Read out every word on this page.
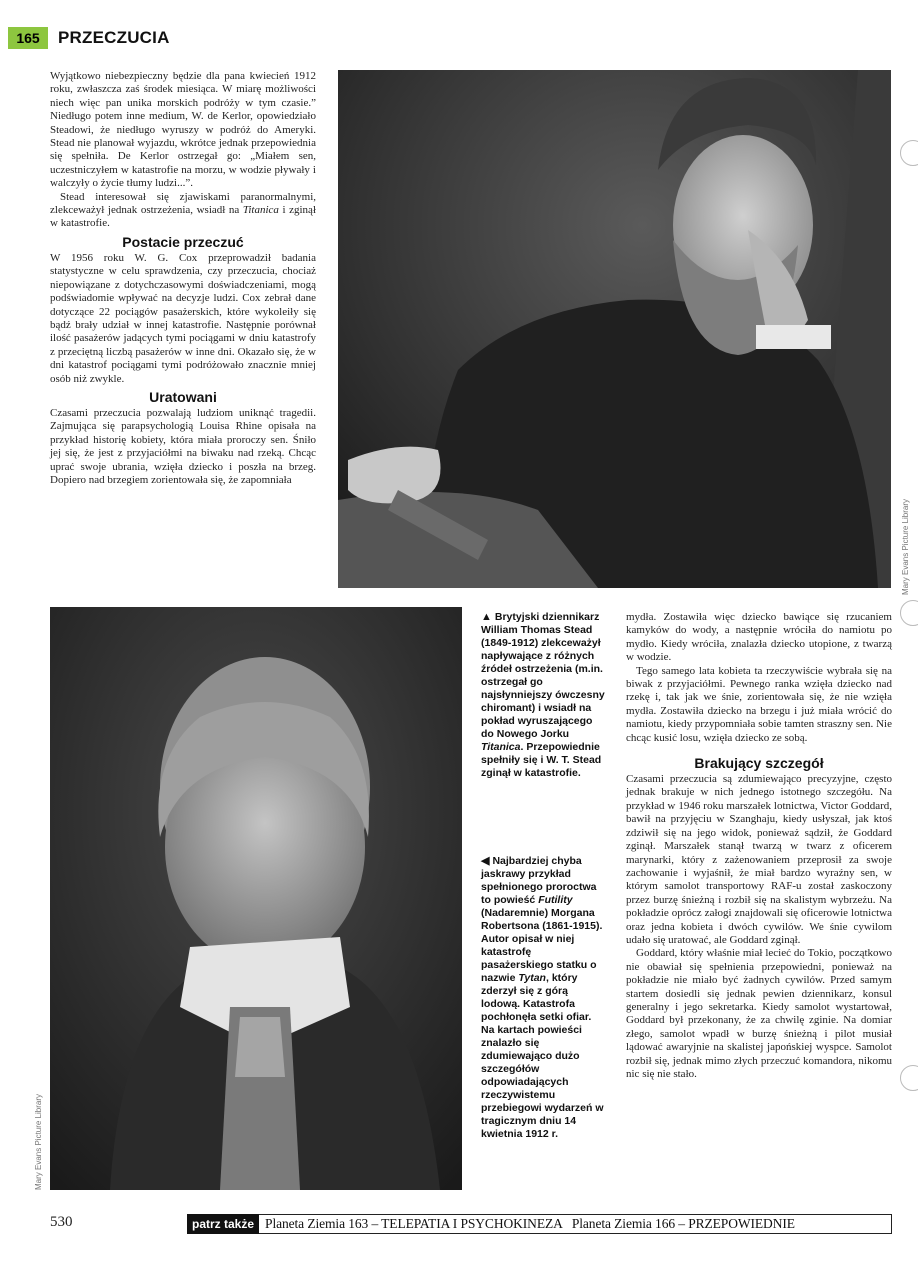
165	PRZECZUCIA

Wyjątkowo niebezpieczny będzie dla pana kwiecień 1912 roku, zwłaszcza zaś środek miesiąca. W miarę możliwości niech więc pan unika morskich podróży w tym czasie.” Niedługo potem inne medium, W. de Kerlor, opowiedziało Steadowi, że niedługo wyruszy w podróż do Ameryki. Stead nie planował wyjazdu, wkrótce jednak przepowiednia się spełniła. De Kerlor ostrzegał go: „Miałem sen, uczestniczyłem w katastrofie na morzu, w wodzie pływały i walczyły o życie tłumy ludzi...”.

Stead interesował się zjawiskami paranormalnymi, zlekceważył jednak ostrzeżenia, wsiadł na Titanica i zginął w katastrofie.

Postacie przeczuć

W 1956 roku W. G. Cox przeprowadził badania statystyczne w celu sprawdzenia, czy przeczucia, chociaż niepowiązane z dotychczasowymi doświadczeniami, mogą podświadomie wpływać na decyzje ludzi. Cox zebrał dane dotyczące 22 pociągów pasażerskich, które wykoleiły się bądź brały udział w innej katastrofie. Następnie porównał ilość pasażerów jadących tymi pociągami w dniu katastrofy z przeciętną liczbą pasażerów w inne dni. Okazało się, że w dni katastrof pociągami tymi podróżowało znacznie mniej osób niż zwykle.

Uratowani

Czasami przeczucia pozwalają ludziom uniknąć tragedii. Zajmująca się parapsychologią Louisa Rhine opisała na przykład historię kobiety, która miała proroczy sen. Śniło jej się, że jest z przyjaciółmi na biwaku nad rzeką. Chcąc uprać swoje ubrania, wzięła dziecko i poszła na brzeg. Dopiero nad brzegiem zorientowała się, że zapomniała

Mary Evans Picture Library
Mary Evans Picture Library
▲ Brytyjski dziennikarz William Thomas Stead (1849-1912) zlekceważył napływające z różnych źródeł ostrzeżenia (m.in. ostrzegał go najsłynniejszy ówczesny chiromant) i wsiadł na pokład wyruszającego do Nowego Jorku Titanica. Przepowiednie spełniły się i W. T. Stead zginął w katastrofie.
◀ Najbardziej chyba jaskrawy przykład spełnionego proroctwa to powieść Futility (Nadaremnie) Morgana Robertsona (1861-1915). Autor opisał w niej katastrofę pasażerskiego statku o nazwie Tytan, który zderzył się z górą lodową. Katastrofa pochłonęła setki ofiar. Na kartach powieści znalazło się zdumiewająco dużo szczegółów odpowiadających rzeczywistemu przebiegowi wydarzeń w tragicznym dniu 14 kwietnia 1912 r.

mydła. Zostawiła więc dziecko bawiące się rzucaniem kamyków do wody, a następnie wróciła do namiotu po mydło. Kiedy wróciła, znalazła dziecko utopione, z twarzą w wodzie.

Tego samego lata kobieta ta rzeczywiście wybrała się na biwak z przyjaciółmi. Pewnego ranka wzięła dziecko nad rzekę i, tak jak we śnie, zorientowała się, że nie wzięła mydła. Zostawiła dziecko na brzegu i już miała wrócić do namiotu, kiedy przypomniała sobie tamten straszny sen. Nie chcąc kusić losu, wzięła dziecko ze sobą.

Brakujący szczegół

Czasami przeczucia są zdumiewająco precyzyjne, często jednak brakuje w nich jednego istotnego szczegółu. Na przykład w 1946 roku marszałek lotnictwa, Victor Goddard, bawił na przyjęciu w Szanghaju, kiedy usłyszał, jak ktoś zdziwił się na jego widok, ponieważ sądził, że Goddard zginął. Marszałek stanął twarzą w twarz z oficerem marynarki, który z zażenowaniem przeprosił za swoje zachowanie i wyjaśnił, że miał bardzo wyraźny sen, w którym samolot transportowy RAF-u został zaskoczony przez burzę śnieżną i rozbił się na skalistym wybrzeżu. Na pokładzie oprócz załogi znajdowali się oficerowie lotnictwa oraz jedna kobieta i dwóch cywilów. We śnie cywilom udało się uratować, ale Goddard zginął.

Goddard, który właśnie miał lecieć do Tokio, początkowo nie obawiał się spełnienia przepowiedni, ponieważ na pokładzie nie miało być żadnych cywilów. Przed samym startem dosiedli się jednak pewien dziennikarz, konsul generalny i jego sekretarka. Kiedy samolot wystartował, Goddard był przekonany, że za chwilę zginie. Na domiar złego, samolot wpadł w burzę śnieżną i pilot musiał lądować awaryjnie na skalistej japońskiej wyspce. Samolot rozbił się, jednak mimo złych przeczuć komandora, nikomu nic się nie stało.

530	patrz także Planeta Ziemia 163 – TELEPATIA I PSYCHOKINEZA   Planeta Ziemia 166 – PRZEPOWIEDNIE
